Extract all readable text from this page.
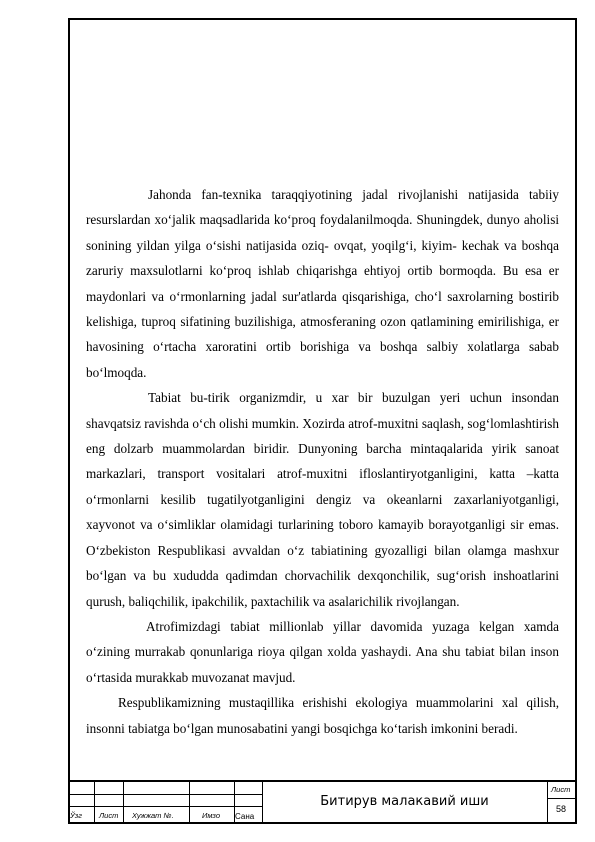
Jahonda fan-texnika taraqqiyotining jadal rivojlanishi natijasida tabiiy resurslardan xo‘jalik maqsadlarida ko‘proq foydalanilmoqda. Shuningdek, dunyo aholisi sonining yildan yilga o‘sishi natijasida oziq- ovqat, yoqilg‘i, kiyim- kechak va boshqa zaruriy maxsulotlarni ko‘proq ishlab chiqarishga ehtiyoj ortib bormoqda. Bu esa er maydonlari va o‘rmonlarning jadal sur'atlarda qisqarishiga, cho‘l saxrolarning bostirib kelishiga, tuproq sifatining buzilishiga, atmosferaning ozon qatlamining emirilishiga, er havosining o‘rtacha xaroratini ortib borishiga va boshqa salbiy xolatlarga sabab bo‘lmoqda.

Tabiat bu-tirik organizmdir, u xar bir buzulgan yeri uchun insondan shavqatsiz ravishda o‘ch olishi mumkin. Xozirda atrof-muxitni saqlash, sog‘lomlashtirish eng dolzarb muammolardan biridir. Dunyoning barcha mintaqalarida yirik sanoat markazlari, transport vositalari atrof-muxitni ifloslantiryotganligini, katta –katta o‘rmonlarni kesilib tugatilyotganligini dengiz va okeanlarni zaxarlaniyotganligi, xayvonot va o‘simliklar olamidagi turlarining toboro kamayib borayotganligi sir emas. O‘zbekiston Respublikasi avvaldan o‘z tabiatining gyozalligi bilan olamga mashxur bo‘lgan va bu xududda qadimdan chorvachilik dexqonchilik, sug‘orish inshoatlarini qurush, baliqchilik, ipakchilik, paxtachilik va asalarichilik rivojlangan.

Atrofimizdagi tabiat millionlab yillar davomida yuzaga kelgan xamda o‘zining murrakab qonunlariga rioya qilgan xolda yashaydi. Ana shu tabiat bilan inson o‘rtasida murakkab muvozanat mavjud.

Respublikamizning mustaqillika erishishi ekologiya muammolarini xal qilish, insonni tabiatga bo‘lgan munosabatini yangi bosqichga ko‘tarish imkonini beradi.

Ўзг Лист Хужжат №.	Имзо Сана
Битирув малакавий иши
Лист
58
